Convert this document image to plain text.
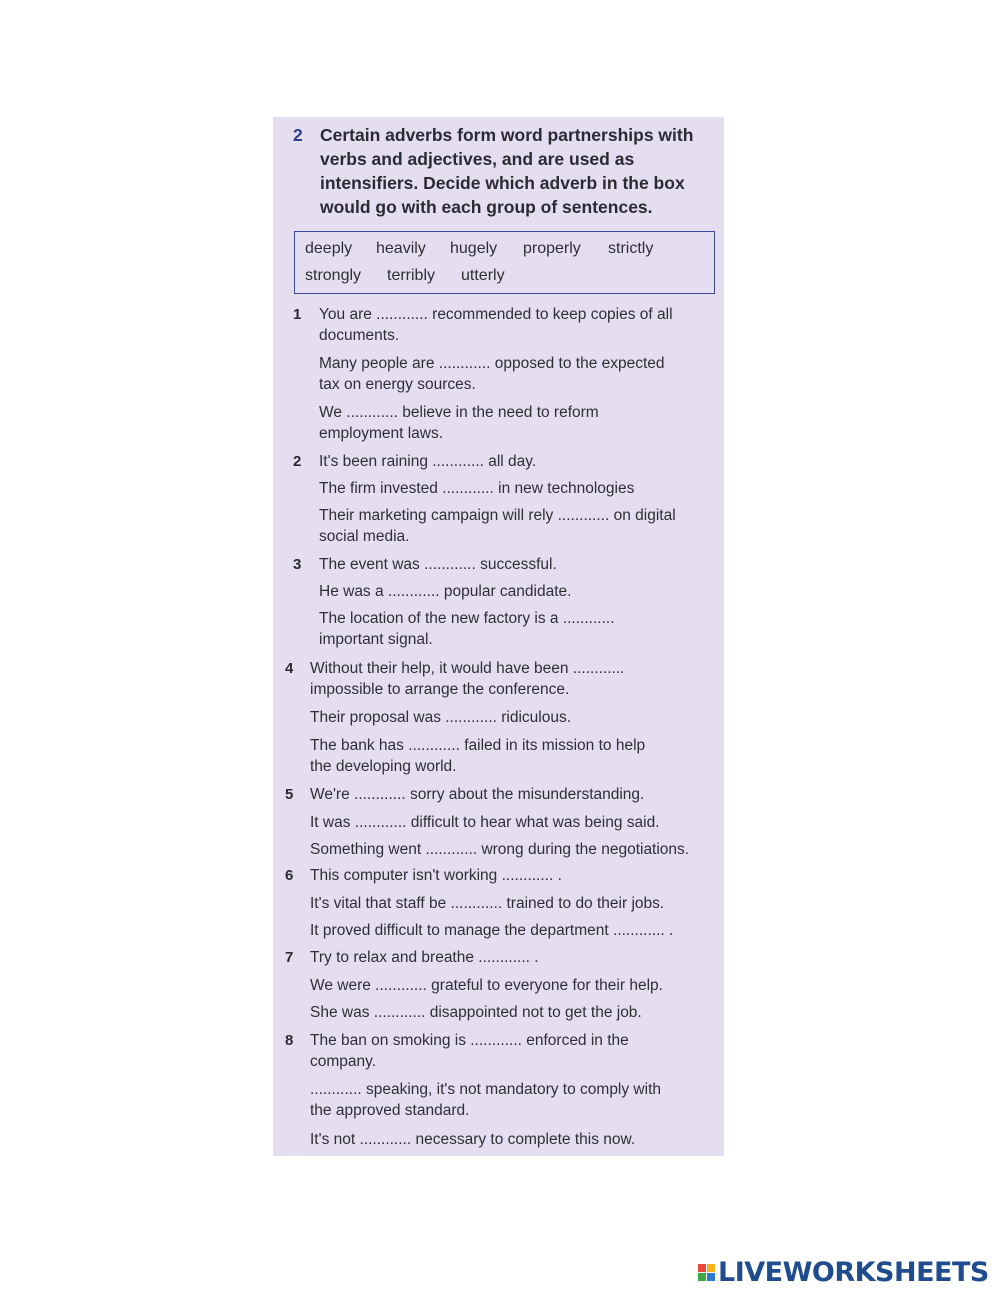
2 Certain adverbs form word partnerships with verbs and adjectives, and are used as intensifiers. Decide which adverb in the box would go with each group of sentences.
deeply heavily hugely properly strictly
strongly terribly utterly
1 You are ............ recommended to keep copies of all
documents.
Many people are ............ opposed to the expected
tax on energy sources.
We ............ believe in the need to reform
employment laws.
2 It's been raining ............ all day.
The firm invested ............ in new technologies
Their marketing campaign will rely ............ on digital
social media.
3 The event was ............ successful.
He was a ............ popular candidate.
The location of the new factory is a ............
important signal.
4 Without their help, it would have been ............
impossible to arrange the conference.
Their proposal was ............ ridiculous.
The bank has ............ failed in its mission to help
the developing world.
5 We're ............ sorry about the misunderstanding.
It was ............ difficult to hear what was being said.
Something went ............ wrong during the negotiations.
6 This computer isn't working ............ .
It's vital that staff be ............ trained to do their jobs.
It proved difficult to manage the department ............ .
7 Try to relax and breathe ............ .
We were ............ grateful to everyone for their help.
She was ............ disappointed not to get the job.
8 The ban on smoking is ............ enforced in the
company.
............ speaking, it's not mandatory to comply with
the approved standard.
It's not ............ necessary to complete this now.
LIVEWORKSHEETS
